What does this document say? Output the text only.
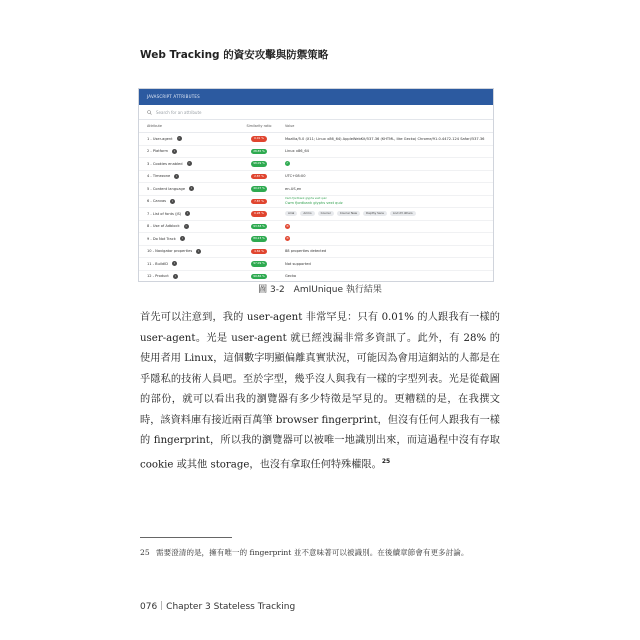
Web Tracking 的資安攻擊與防禦策略
JAVASCRIPT ATTRIBUTES
Search for an attribute
Attribute	Similarity ratio	Value
1 - User-agent	i	0.01 %	Mozilla/5.0 (X11; Linux x86_64) AppleWebKit/537.36 (KHTML, like Gecko) Chrome/91.0.4472.124 Safari/537.36
2 - Platform	i	28.85 %	Linux x86_64
3 - Cookies enabled	i	98.09 %	✓
4 - Timezone	i	2.87 %	UTC+08:00
5 - Content language	i	40.07 %	en-US,en
6 - Canvas	i	7.87 %	Cwm fjordbank glyphs vext quiz
Cwm fjordbank glyphs vext quiz
7 - List of fonts (JS)	i	0.28 %	Arial	Arimo	Courier	Courier New	Depthy Sans	And 23 others
8 - Use of Adblock	i	93.58 %	×
9 - Do Not Track	i	89.23 %	×
10 - Navigator properties	i	4.84 %	88 properties detected
11 - BuildID	i	97.09 %	Not supported
12 - Product	i	99.86 %	Gecko
圖 3-2　AmIUnique 執行結果

首先可以注意到，我的 user-agent 非常罕見：只有 0.01% 的人跟我有一樣的 user-agent。光是 user-agent 就已經洩漏非常多資訊了。此外，有 28% 的使用者用 Linux，這個數字明顯偏離真實狀況，可能因為會用這網站的人都是在乎隱私的技術人員吧。至於字型，幾乎沒人與我有一樣的字型列表。光是從截圖的部份，就可以看出我的瀏覽器有多少特徵是罕見的。更糟糕的是，在我撰文時，該資料庫有接近兩百萬筆 browser fingerprint，但沒有任何人跟我有一樣的 fingerprint，所以我的瀏覽器可以被唯一地識別出來，而這過程中沒有存取 cookie 或其他 storage，也沒有拿取任何特殊權限。$^{25}$

25 需要澄清的是，擁有唯一的 fingerprint 並不意味著可以被識別。在後續章節會有更多討論。
076｜Chapter 3 Stateless Tracking
